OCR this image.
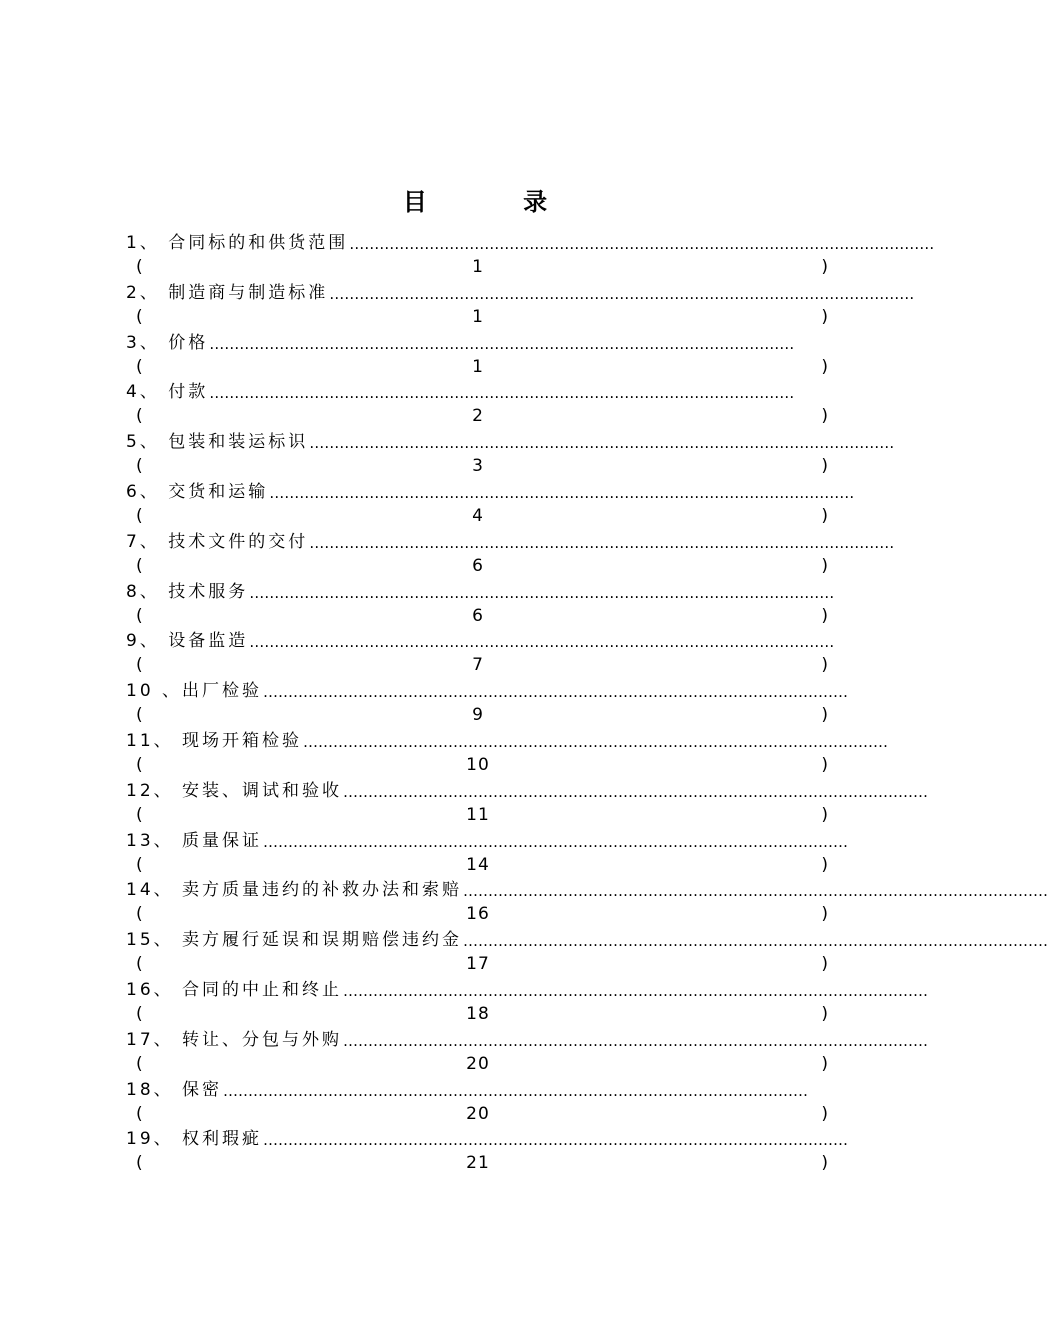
目 录
1、 合同标的和供货范围 ………………………………………………………………………………………………………
(	1	)
2、 制造商与制造标准 ………………………………………………………………………………………………………
(	1	)
3、 价格 ………………………………………………………………………………………………………
(	1	)
4、 付款 ………………………………………………………………………………………………………
(	2	)
5、 包装和装运标识 ………………………………………………………………………………………………………
(	3	)
6、 交货和运输 ………………………………………………………………………………………………………
(	4	)
7、 技术文件的交付 ………………………………………………………………………………………………………
(	6	)
8、 技术服务 ………………………………………………………………………………………………………
(	6	)
9、 设备监造 ………………………………………………………………………………………………………
(	7	)
10 、 出厂检验 ………………………………………………………………………………………………………
(	9	)
11、 现场开箱检验 ………………………………………………………………………………………………………
(	10	)
12、 安装、调试和验收 ………………………………………………………………………………………………………
(	11	)
13、 质量保证 ………………………………………………………………………………………………………
(	14	)
14、 卖方质量违约的补救办法和索赔 ………………………………………………………………………………………………………
(	16	)
15、 卖方履行延误和误期赔偿违约金 ………………………………………………………………………………………………………
(	17	)
16、 合同的中止和终止 ………………………………………………………………………………………………………
(	18	)
17、 转让、分包与外购 ………………………………………………………………………………………………………
(	20	)
18、 保密 ………………………………………………………………………………………………………
(	20	)
19、 权利瑕疵 ………………………………………………………………………………………………………
(	21	)
